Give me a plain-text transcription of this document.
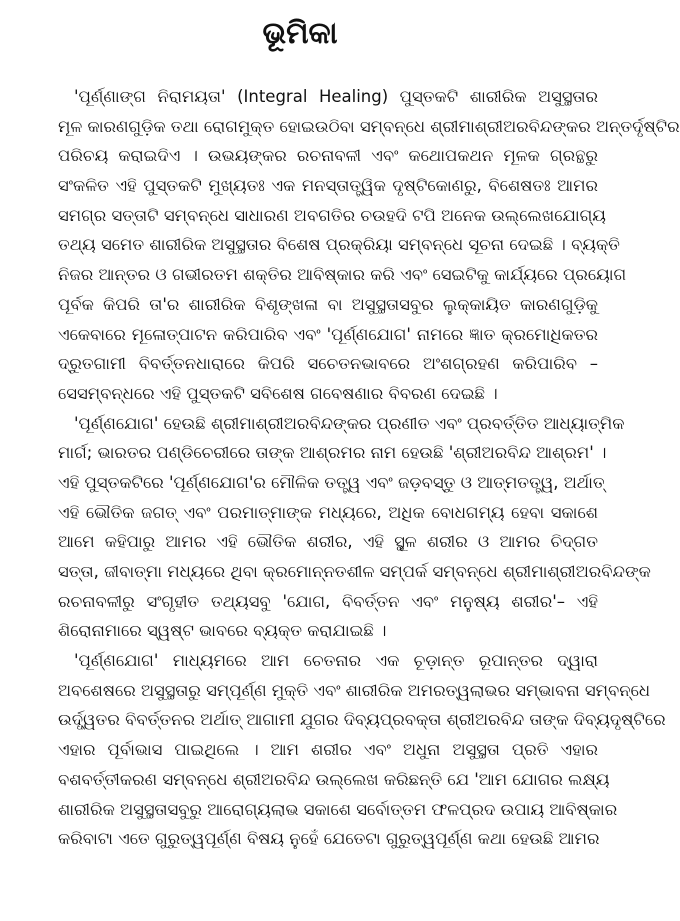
ଭୂମିକା
'ପୂର୍ଣ୍ଣାଙ୍ଗ ନିରାମୟତା' (Integral Healing) ପୁସ୍ତକଟି ଶାରୀରିକ ଅସୁସ୍ଥତାର
ମୂଳ କାରଣଗୁଡ଼ିକ ତଥା ରୋଗମୁକ୍ତ ହୋଇଉଠିବା ସମ୍ବନ୍ଧେ ଶ୍ରୀମାଶ୍ରୀଅରବିନ୍ଦଙ୍କର ଅନ୍ତର୍ଦୃଷ୍ଟିର
ପରିଚୟ କରାଇଦିଏ । ଉଭୟଙ୍କର ରଚନାବଳୀ ଏବଂ କଥୋପକଥନ ମୂଳକ ଗ୍ରନ୍ଥରୁ
ସଂକଳିତ ଏହି ପୁସ୍ତକଟି ମୁଖ୍ୟତଃ ଏକ ମନସ୍ତାତ୍ତ୍ୱିକ ଦୃଷ୍ଟିକୋଣରୁ, ବିଶେଷତଃ ଆମର
ସମଗ୍ର ସତ୍ତାଟି ସମ୍ବନ୍ଧେ ସାଧାରଣ ଅବଗତିର ଚଉହଦି ଟପି ଅନେକ ଉଲ୍ଲେଖଯୋଗ୍ୟ
ତଥ୍ୟ ସମେତ ଶାରୀରିକ ଅସୁସ୍ଥତାର ବିଶେଷ ପ୍ରକ୍ରିୟା ସମ୍ବନ୍ଧେ ସୂଚନା ଦେଇଛି । ବ୍ୟକ୍ତି
ନିଜର ଆନ୍ତର ଓ ଗଭୀରତମ ଶକ୍ତିର ଆବିଷ୍କାର କରି ଏବଂ ସେଇଟିକୁ କାର୍ଯ୍ୟରେ ପ୍ରୟୋଗ
ପୂର୍ବକ କିପରି ତା'ର ଶାରୀରିକ ବିଶୃଙ୍ଖଳା ବା ଅସୁସ୍ଥତାସବୁର ଲୁକ୍କାୟିତ କାରଣଗୁଡ଼ିକୁ
ଏକେବାରେ ମୂଳୋତ୍ପାଟନ କରିପାରିବ ଏବଂ 'ପୂର୍ଣ୍ଣଯୋଗ' ନାମରେ ଜ୍ଞାତ କ୍ରମୋଧିକତର
ଦ୍ରୁତଗାମୀ ବିବର୍ତ୍ତନଧାରାରେ କିପରି ସଚେତନଭାବରେ ଅଂଶଗ୍ରହଣ କରିପାରିବ –
ସେସମ୍ବନ୍ଧରେ ଏହି ପୁସ୍ତକଟି ସବିଶେଷ ଗବେଷଣାର ବିବରଣ ଦେଇଛି ।
'ପୂର୍ଣ୍ଣଯୋଗ' ହେଉଛି ଶ୍ରୀମାଶ୍ରୀଅରବିନ୍ଦଙ୍କର ପ୍ରଣୀତ ଏବଂ ପ୍ରବର୍ତ୍ତିତ ଆଧ୍ୟାତ୍ମିକ
ମାର୍ଗ; ଭାରତର ପଣ୍ଡିଚେରୀରେ ତାଙ୍କ ଆଶ୍ରମର ନାମ ହେଉଛି 'ଶ୍ରୀଅରବିନ୍ଦ ଆଶ୍ରମ' ।
ଏହି ପୁସ୍ତକଟିରେ 'ପୂର୍ଣ୍ଣଯୋଗ'ର ମୌଳିକ ତତ୍ତ୍ୱ ଏବଂ ଜଡ଼ବସ୍ତୁ ଓ ଆତ୍ମତତ୍ତ୍ୱ, ଅର୍ଥାତ୍
ଏହି ଭୌତିକ ଜଗତ୍ ଏବଂ ପରମାତ୍ମାଙ୍କ ମଧ୍ୟରେ, ଅଧିକ ବୋଧଗମ୍ୟ ହେବା ସକାଶେ
ଆମେ କହିପାରୁ ଆମର ଏହି ଭୌତିକ ଶରୀର, ଏହି ସ୍ଥୂଳ ଶରୀର ଓ ଆମର ଚିଦ୍‌ଗତ
ସତ୍ତା, ଜୀବାତ୍ମା ମଧ୍ୟରେ ଥିବା କ୍ରମୋନ୍ନତଶୀଳ ସମ୍ପର୍କ ସମ୍ବନ୍ଧେ ଶ୍ରୀମାଶ୍ରୀଅରବିନ୍ଦଙ୍କ
ରଚନାବଳୀରୁ ସଂଗୃହୀତ ତଥ୍ୟସବୁ 'ଯୋଗ, ବିବର୍ତ୍ତନ ଏବଂ ମନୁଷ୍ୟ ଶରୀର'– ଏହି
ଶିରୋନାମାରେ ସ୍ୱଷ୍ଟ ଭାବରେ ବ୍ୟକ୍ତ କରାଯାଇଛି ।
'ପୂର୍ଣ୍ଣଯୋଗ' ମାଧ୍ୟମରେ ଆମ ଚେତନାର ଏକ ଚୂଡ଼ାନ୍ତ ରୂପାନ୍ତର ଦ୍ୱାରା
ଅବଶେଷରେ ଅସୁସ୍ଥତାରୁ ସମ୍ପୂର୍ଣ୍ଣ ମୁକ୍ତି ଏବଂ ଶାରୀରିକ ଅମରତ୍ୱଲାଭର ସମ୍ଭାବନା ସମ୍ବନ୍ଧେ
ଉର୍ଦ୍ଧ୍ୱତର ବିବର୍ତ୍ତନର ଅର୍ଥାତ୍ ଆଗାମୀ ଯୁଗର ଦିବ୍ୟପ୍ରବକ୍ତା ଶ୍ରୀଅରବିନ୍ଦ ତାଙ୍କ ଦିବ୍ୟଦୃଷ୍ଟିରେ
ଏହାର ପୂର୍ବାଭାସ ପାଇଥିଲେ । ଆମ ଶରୀର ଏବଂ ଅଧୁନା ଅସୁସ୍ଥତା ପ୍ରତି ଏହାର
ବଶବର୍ତ୍ତୀକରଣ ସମ୍ବନ୍ଧେ ଶ୍ରୀଅରବିନ୍ଦ ଉଲ୍ଲେଖ କରିଛନ୍ତି ଯେ 'ଆମ ଯୋଗର ଲକ୍ଷ୍ୟ
ଶାରୀରିକ ଅସୁସ୍ଥତାସବୁରୁ ଆରୋଗ୍ୟଲାଭ ସକାଶେ ସର୍ବୋତ୍ତମ ଫଳପ୍ରଦ ଉପାୟ ଆବିଷ୍କାର
କରିବାଟା ଏତେ ଗୁରୁତ୍ୱପୂର୍ଣ୍ଣ ବିଷୟ ନୁହେଁ ଯେତେଟା ଗୁରୁତ୍ୱପୂର୍ଣ୍ଣ କଥା ହେଉଛି ଆମର
